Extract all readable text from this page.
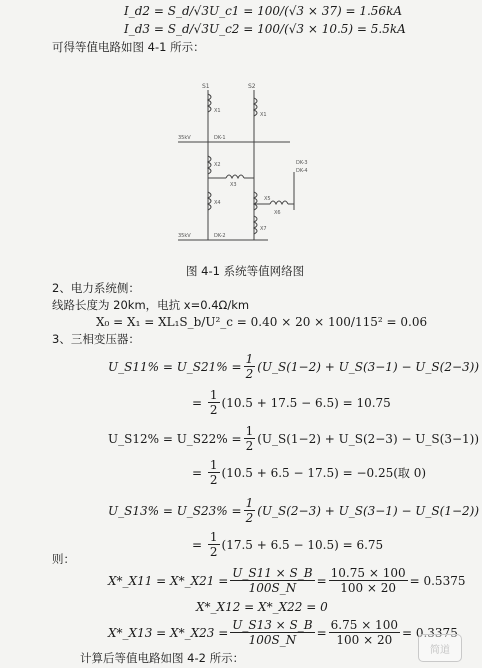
I_d2 = S_d/√3U_c1 = 100/(√3 × 37) = 1.56kA
I_d3 = S_d/√3U_c2 = 100/(√3 × 10.5) = 5.5kA
可得等值电路如图 4-1 所示：
S1	S2
X1
X1
35kV	DK-1
X2
X3
X4
X5
X6
X7
35kV	DK-2
DK-3
DK-4
图 4-1 系统等值网络图
2、电力系统侧：
线路长度为 20km，电抗 x=0.4Ω/km
X₀ = X₁ = XL₁S_b/U²_c = 0.40 × 20 × 100/115² = 0.06
3、三相变压器：
U_S11% = U_S21% = $\frac{1}{2}$ (U_S(1−2) + U_S(3−1) − U_S(2−3))
= $\frac{1}{2} (10.5 + 17.5 - 6.5) = 10.75$
U_S12% = U_S22% = $\frac{1}{2}$ (U_S(1−2) + U_S(2−3) − U_S(3−1))
= $\frac{1}{2} (10.5 + 6.5 - 17.5) = -0.25$(取 0)
U_S13% = U_S23% = $\frac{1}{2}$ (U_S(2−3) + U_S(3−1) − U_S(1−2))
= $\frac{1}{2} (17.5 + 6.5 - 10.5) = 6.75$
则：
X*_X11 = X*_X21 = $\frac{U\_S11 \times S\_B}{100S\_N} = \frac{10.75 \times 100}{100 \times 20} = 0.5375$
X*_X12 = X*_X22 = 0
X*_X13 = X*_X23 = $\frac{U\_S13 \times S\_B}{100S\_N} = \frac{6.75 \times 100}{100 \times 20} = 0.3375$
计算后等值电路如图 4-2 所示：
简道
